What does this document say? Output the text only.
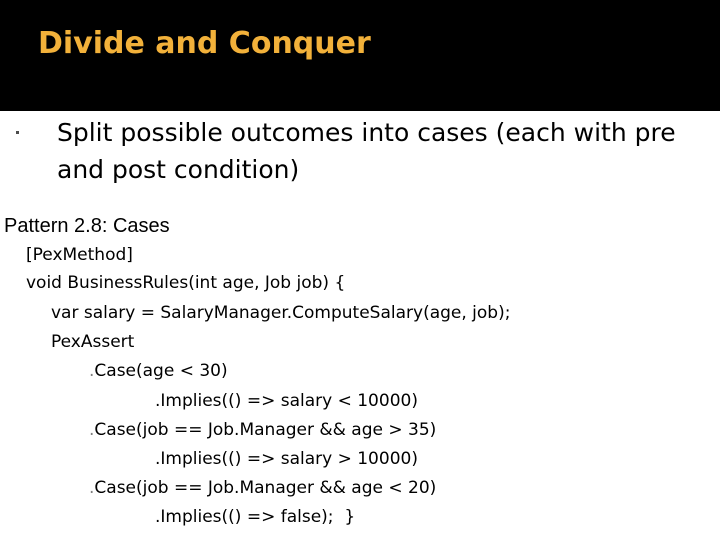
Divide and Conquer
Split possible outcomes into cases (each with pre and post condition)
Pattern 2.8: Cases
[PexMethod]
void BusinessRules(int age, Job job) {
var salary = SalaryManager.ComputeSalary(age, job);
PexAssert
.Case(age < 30)
.Implies(() => salary < 10000)
.Case(job == Job.Manager && age > 35)
.Implies(() => salary > 10000)
.Case(job == Job.Manager && age < 20)
.Implies(() => false);  }
